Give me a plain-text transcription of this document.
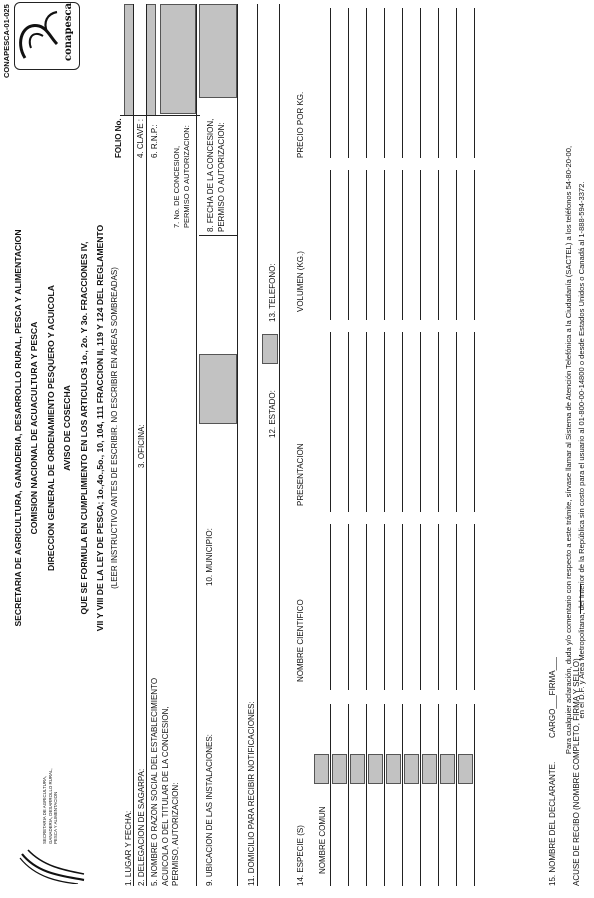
SECRETARIA DE AGRICULTURA, GANADERIA, DESARROLLO RURAL, PESCA Y ALIMENTACION
SECRETARIA DE AGRICULTURA, GANADERIA, DESARROLLO RURAL, PESCA Y ALIMENTACION COMISION NACIONAL DE ACUACULTURA Y PESCA DIRECCION GENERAL DE ORDENAMIENTO PESQUERO Y ACUICOLA AVISO DE COSECHA QUE SE FORMULA EN CUMPLIMIENTO EN LOS ARTICULOS 1o., 2o. Y 3o. FRACCIONES IV, VII Y VIII DE LA LEY DE PESCA; 1o.,4o.,5o., 10, 104, 111 FRACCION II, 119 Y 124 DEL REGLAMENTO (LEER INSTRUCTIVO ANTES DE ESCRIBIR. NO ESCRIBIR EN AREAS SOMBREADAS)
CONAPESCA-01-025	conapesca
FOLIO No. 4. CLAVE : 6. R.N.P.:
7. No. DE CONCESION, PERMISO O AUTORIZACION:
1. LUGAR Y FECHA: 2. DELEGACION DE SAGARPA:
3. OFICINA:
5. NOMBRE O RAZON SOCIAL DEL ESTABLECIMIENTO ACUICOLA O DEL TITULAR DE LA CONCESION, PERMISO, AUTORIZACION:	9. UBICACION DE LAS INSTALACIONES:
10. MUNICIPIO:
8. FECHA DE LA CONCESION, PERMISO O AUTORIZACION:
11. DOMICILIO PARA RECIBIR NOTIFICACIONES:
12. ESTADO:
13. TELEFONO:
14. ESPECIE (S) NOMBRE COMUN
NOMBRE CIENTIFICO
PRESENTACION
VOLUMEN (KG.)
PRECIO POR KG.
15. NOMBRE DEL DECLARANTE.
CARGO___FIRMA___ ACUSE DE RECIBO (NOMBRE COMPLETO, FIRMA Y SELLO)
Para cualquier aclaración, duda y/o comentario con respecto a este trámite, sírvase llamar al Sistema de Atención Telefónica a la Ciudadanía (SACTEL) a los teléfonos 54-80-20-00, en el D.F. y Area Metropolitana, del Interior de la República sin costo para el usuario al 01-800-00-14800 o desde Estados Unidos o Canadá al 1-888-594-3372.
